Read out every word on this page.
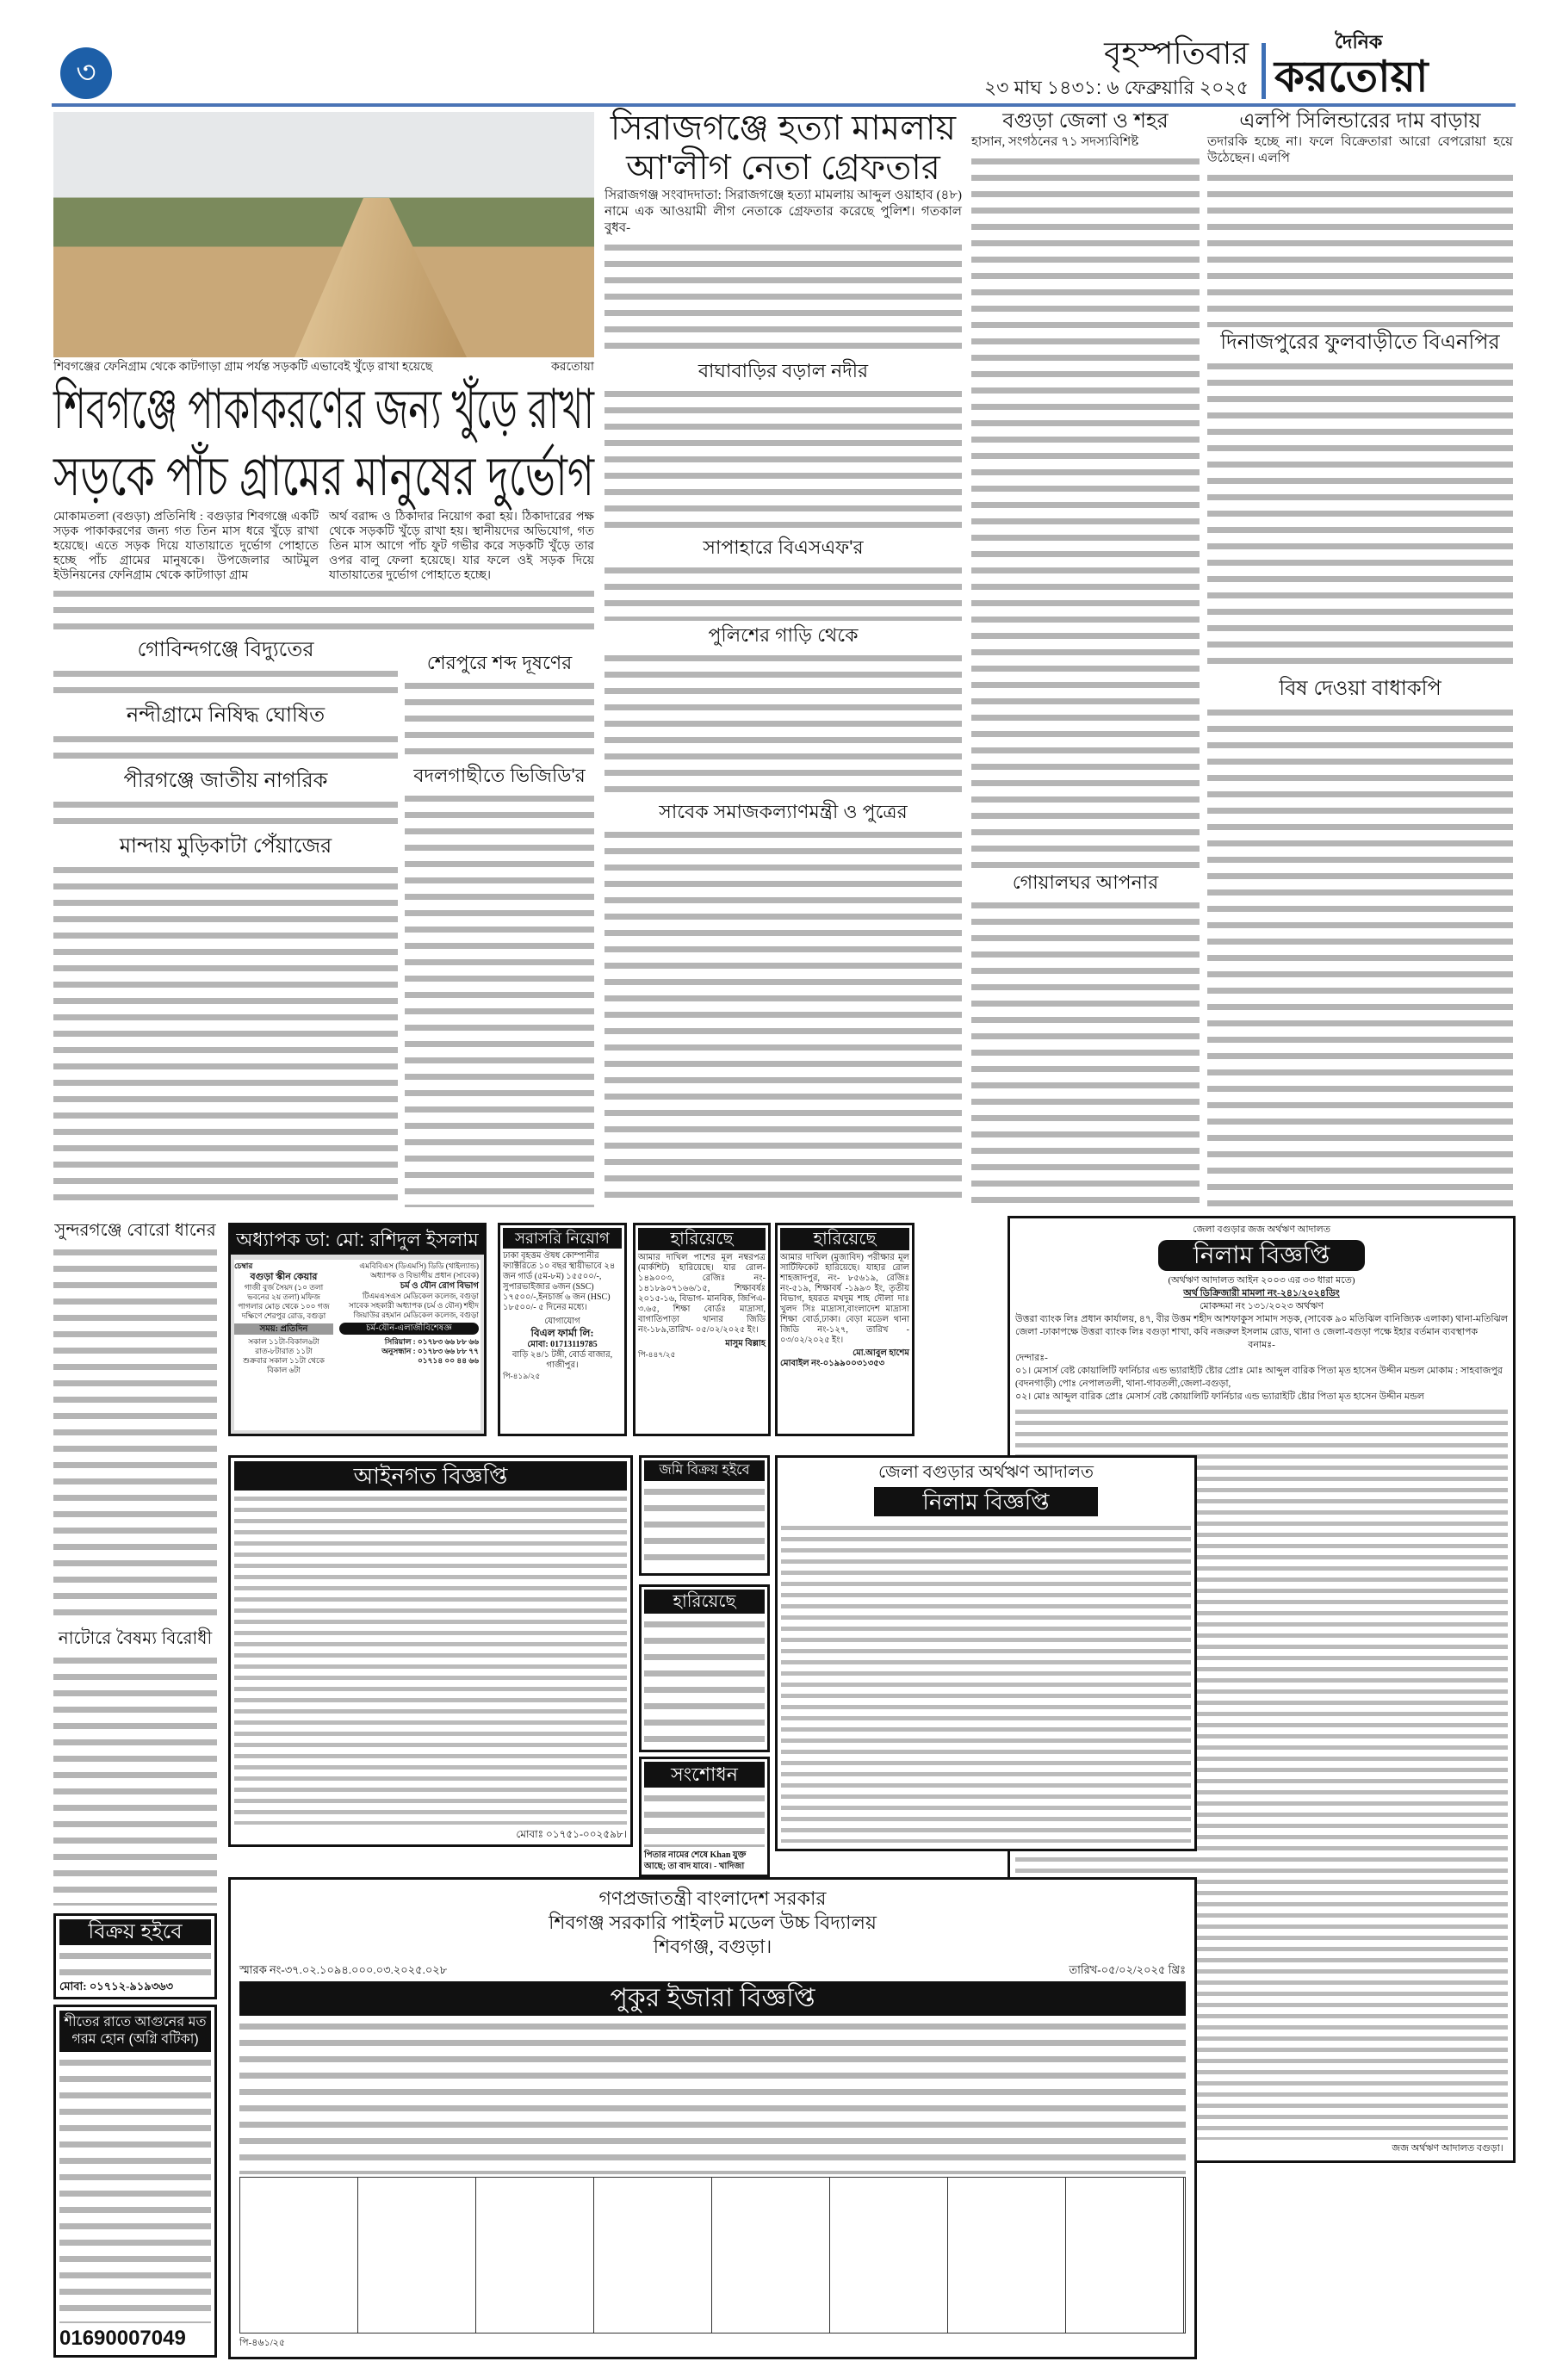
৩
বৃহস্পতিবার
২৩ মাঘ ১৪৩১: ৬ ফেব্রুয়ারি ২০২৫
দৈনিক
করতোয়া
শিবগঞ্জের ফেনিগ্রাম থেকে কাটগাড়া গ্রাম পর্যন্ত সড়কটি এভাবেই খুঁড়ে রাখা হয়েছে	করতোয়া
শিবগঞ্জে পাকাকরণের জন্য খুঁড়ে রাখা
সড়কে পাঁচ গ্রামের মানুষের দুর্ভোগ
মোকামতলা (বগুড়া) প্রতিনিধি : বগুড়ার শিবগঞ্জে একটি সড়ক পাকাকরণের জন্য গত তিন মাস ধরে খুঁড়ে রাখা হয়েছে। এতে সড়ক দিয়ে যাতায়াতে দুর্ভোগ পোহাতে হচ্ছে পাঁচ গ্রামের মানুষকে। উপজেলার আটমুল ইউনিয়নের ফেনিগ্রাম থেকে কাটগাড়া গ্রাম
অর্থ বরাদ্দ ও ঠিকাদার নিয়োগ করা হয়। ঠিকাদারের পক্ষ থেকে সড়কটি খুঁড়ে রাখা হয়। স্থানীয়দের অভিযোগ, গত তিন মাস আগে পাঁচ ফুট গভীর করে সড়কটি খুঁড়ে তার ওপর বালু ফেলা হয়েছে। যার ফলে ওই সড়ক দিয়ে যাতায়াতের দুর্ভোগ পোহাতে হচ্ছে।
গোবিন্দগঞ্জে বিদ্যুতের
নন্দীগ্রামে নিষিদ্ধ ঘোষিত
পীরগঞ্জে জাতীয় নাগরিক
মান্দায় মুড়িকাটা পেঁয়াজের
শেরপুরে শব্দ দূষণের
বদলগাছীতে ভিজিডি'র
সিরাজগঞ্জে হত্যা মামলায়
আ'লীগ নেতা গ্রেফতার
সিরাজগঞ্জ সংবাদদাতা: সিরাজগঞ্জে হত্যা মামলায় আব্দুল ওয়াহাব (৪৮) নামে এক আওয়ামী লীগ নেতাকে গ্রেফতার করেছে পুলিশ। গতকাল বুধব-
বাঘাবাড়ির বড়াল নদীর
সাপাহারে বিএসএফ'র
পুলিশের গাড়ি থেকে
সাবেক সমাজকল্যাণমন্ত্রী ও পুত্রের
বগুড়া জেলা ও শহর
হাসান, সংগঠনের ৭১ সদস্যবিশিষ্ট
গোয়ালঘর আপনার
এলপি সিলিন্ডারের দাম বাড়ায়
তদারকি হচ্ছে না। ফলে বিক্রেতারা আরো বেপরোয়া হয়ে উঠেছেন। এলপি
দিনাজপুরের ফুলবাড়ীতে বিএনপির
বিষ দেওয়া বাধাকপি
সুন্দরগঞ্জে বোরো ধানের
নাটোরে বৈষম্য বিরোধী
বিক্রয় হইবে
মোবা: ০১৭১২-৯১৯৩৬৩
শীতের রাতে আগুনের মত গরম হোন (অগ্নি বটিকা)
01690007049
অধ্যাপক ডা: মো: রশিদুল ইসলাম
চেম্বার
বগুড়া স্কীন কেয়ার
গাজী বুর্জ সৈয়দ (১০ তলা ভবনের ২য় তলা) মফিজ পাগলার মোড় থেকে ১০০ গজ দক্ষিণে শেরপুর রোড, বগুড়া
সময়: প্রতিদিন
সকাল ১১টা-বিকাল৬টা রাত-৮টারাত ১১টা
শুক্রবার সকাল ১১টা থেকে বিকাল ৬টা
এমবিবিএস (ডিএমসি) ডিডি (থাইল্যান্ড)
অধ্যাপক ও বিভাগীয় প্রধান (সাবেক)
চর্ম ও যৌন রোগ বিভাগ
টিএমএসএস মেডিকেল কলেজ, বগুড়া
সাবেক সহকারী অধ্যাপক (চর্ম ও যৌন) শহীদ জিয়াউর রহমান মেডিকেল কলেজ, বগুড়া
চর্ম-যৌন-এলার্জীবিশেষজ্ঞ
সিরিয়াল : ০১৭৮৩ ৬৬ ৮৮ ৬৬
অনুসন্ধান : ০১৭৮৩ ৬৬ ৮৮ ৭৭
০১৭১৪ ০০ ৪৪ ৬৬
সরাসরি নিয়োগ
ঢাকা বৃহত্তম ঔষধ কোম্পানীর ফ্যাক্টরিতে ১০ বছর স্থায়ীভাবে ২৪ জন গার্ড (৫ম-৮ম) ১৫৫০০/-, সুপারভাইজার ৬জন (SSC) ১৭৫০০/-,ইনচার্জ ৬ জন (HSC) ১৮৫০০/- ৫ দিনের মধ্যে।
যোগাযোগ
বিএল ফার্মা লি:
মোবা: 01713119785
বাড়ি ২৪/১ টঙ্গী, বোর্ড বাজার, গাজীপুর।
পি-৪১৯/২৫
হারিয়েছে
আমার দাখিল পাশের মূল নম্বরপত্র (মার্কশিট) হারিয়েছে। যার রোল- ১৪৯০০৩, রেজিঃ নং- ১৪১৮৯০৭১৬৬/১৫, শিক্ষাবর্ষঃ ২০১৫-১৬, বিভাগ- মানবিক, জিপিএ- ৩.৬৫, শিক্ষা বোর্ডঃ মাদ্রাসা, বাগাতিপাড়া থানার জিডি নং-১৮৯,তারিখ- ০৫/০২/২০২৫ ইং।
মাসুম বিল্লাহ
পি-৪৪৭/২৫
হারিয়েছে
আমার দাখিল (মুজাবিদ) পরীক্ষার মূল সার্টিফিকেট হারিয়েছে। যাহার রোল শাহজাদপুর, নং- ৮৫৬১৯, রেজিঃ নং-৫১৯, শিক্ষাবর্ষ -১৯৯৩ ইং, তৃতীয় বিভাগ, হযরত মখদুম শাহ দৌলা দাঃ খুলদ সিঃ মাদ্রাসা,বাংলাদেশ মাদ্রাসা শিক্ষা বোর্ড,ঢাকা। বেড়া মডেল থানা জিডি নং-১২৭, তারিখ - ০৩/০২/২০২৫ ইং।
মো.আবুল হাশেম
মোবাইল নং-০১৯৯০০৩১৩৫৩
জেলা বগুড়ার জজ অর্থঋণ আদালত
নিলাম বিজ্ঞপ্তি
(অর্থঋণ আদালত আইন ২০০৩ এর ৩৩ ধারা মতে)
অর্থ ডিক্রিজারী মামলা নং-২৪১/২০২৪ডিং
মোকদ্দমা নং ১৩১/২০২৩ অর্থঋণ
উত্তরা ব্যাংক লিঃ প্রধান কার্যালয়, ৪৭, বীর উত্তম শহীদ আশফাকুস সামাদ সড়ক, (সাবেক ৯০ মতিঝিল বানিজ্যিক এলাকা) থানা-মতিঝিল জেলা -ঢাকাপক্ষে উত্তরা ব্যাংক লিঃ বগুড়া শাখা, কবি নজরুল ইসলাম রোড, থানা ও জেলা-বগুড়া পক্ষে ইহার বর্তমান ব্যবস্থাপক
বনামঃ-
দেন্দারঃ-
০১। মেসার্স বেষ্ট কোয়ালিটি ফার্নিচার এন্ড ভ্যারাইটি ষ্টোর প্রোঃ মোঃ আব্দুল বারিক পিতা মৃত হাসেন উদ্দীন মন্ডল মোকাম : সাহবাজপুর (বদনগাড়ী) পোঃ নেপালতলী, থানা-গাবতলী,জেলা-বগুড়া,
০২। মোঃ আব্দুল বারিক প্রোঃ মেসার্স বেষ্ট কোয়ালিটি ফার্নিচার এন্ড ভ্যারাইটি ষ্টোর পিতা মৃত হাসেন উদ্দীন মন্ডল
জজ অর্থঋণ আদালত বগুড়া।
আইনগত বিজ্ঞপ্তি
মোবাঃ ০১৭৫১-০০২৫৯৮।
জমি বিক্রয় হইবে
হারিয়েছে
সংশোধন
পিতার নামের শেষে Khan যুক্ত আছে; তা বাদ যাবে। - খাদিজা
জেলা বগুড়ার অর্থঋণ আদালত
নিলাম বিজ্ঞপ্তি
গণপ্রজাতন্ত্রী বাংলাদেশ সরকার
শিবগঞ্জ সরকারি পাইলট মডেল উচ্চ বিদ্যালয়
শিবগঞ্জ, বগুড়া।
স্মারক নং-৩৭.০২.১০৯৪.০০০.০৩.২০২৫.০২৮	তারিখ-০৫/০২/২০২৫ খ্রিঃ
পুকুর ইজারা বিজ্ঞপ্তি
পি-৪৬১/২৫
